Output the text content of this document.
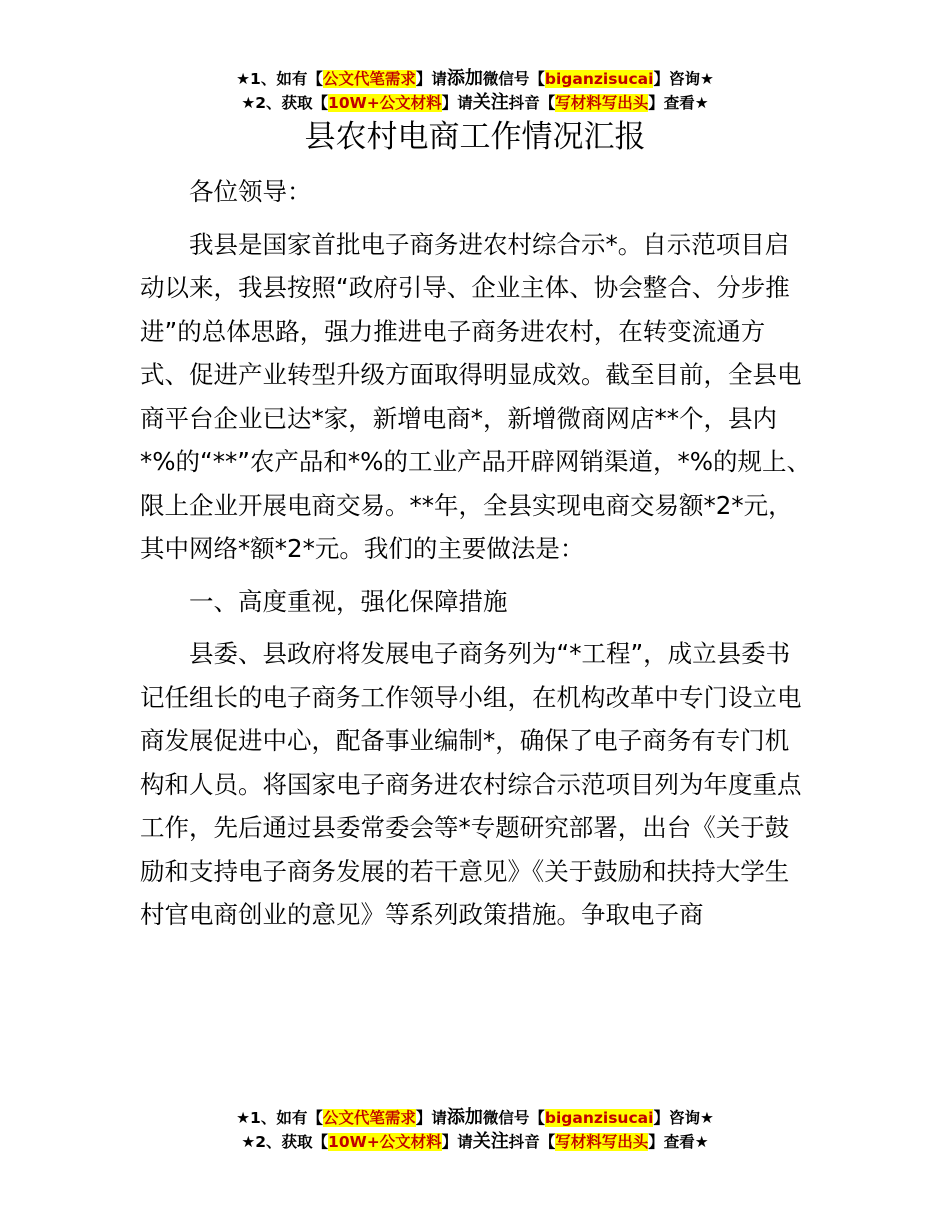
★1、如有【公文代笔需求】请添加微信号【biganzisucai】咨询★
★2、获取【10W+公文材料】请关注抖音【写材料写出头】查看★
县农村电商工作情况汇报

各位领导：

我县是国家首批电子商务进农村综合示*。自示范项目启动以来，我县按照“政府引导、企业主体、协会整合、分步推进”的总体思路，强力推进电子商务进农村，在转变流通方式、促进产业转型升级方面取得明显成效。截至目前，全县电商平台企业已达*家，新增电商*，新增微商网店**个，县内*%的“**”农产品和*%的工业产品开辟网销渠道，*%的规上、限上企业开展电商交易。**年，全县实现电商交易额*2*元，其中网络*额*2*元。我们的主要做法是：

一、高度重视，强化保障措施

县委、县政府将发展电子商务列为“*工程”，成立县委书记任组长的电子商务工作领导小组，在机构改革中专门设立电商发展促进中心，配备事业编制*，确保了电子商务有专门机构和人员。将国家电子商务进农村综合示范项目列为年度重点工作，先后通过县委常委会等*专题研究部署，出台《关于鼓励和支持电子商务发展的若干意见》《关于鼓励和扶持大学生村官电商创业的意见》等系列政策措施。争取电子商

★1、如有【公文代笔需求】请添加微信号【biganzisucai】咨询★
★2、获取【10W+公文材料】请关注抖音【写材料写出头】查看★
